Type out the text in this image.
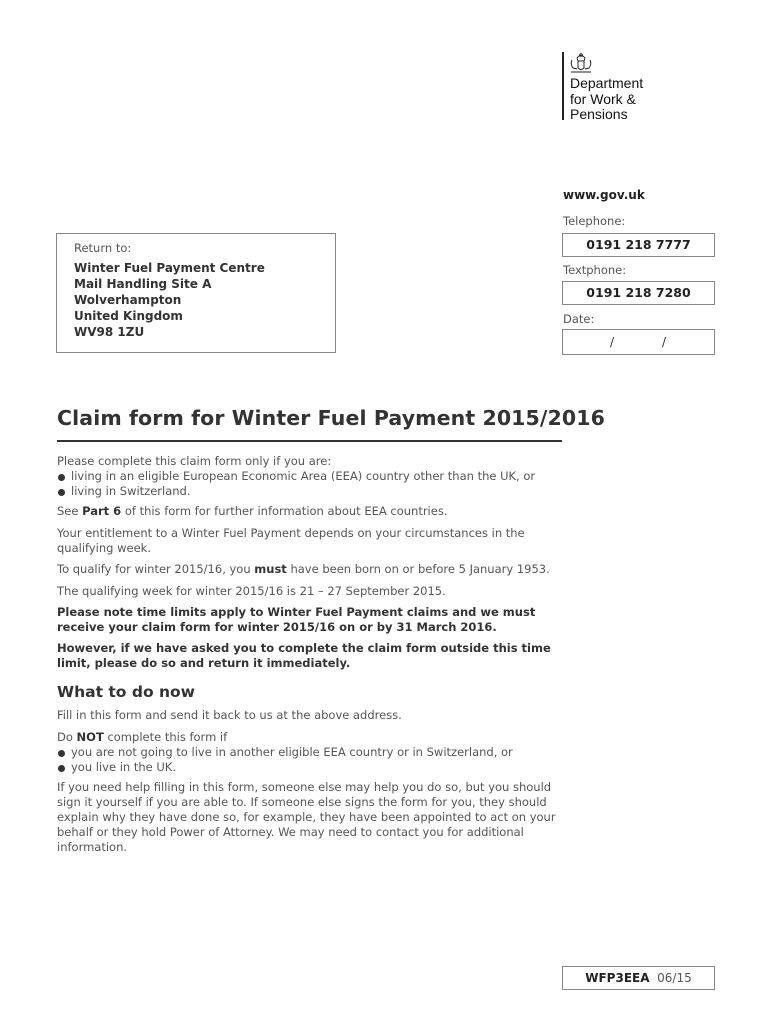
Department
for Work &
Pensions
www.gov.uk
Telephone:
0191 218 7777
Textphone:
0191 218 7280
Date:
/	/
Return to:
Winter Fuel Payment Centre
Mail Handling Site A
Wolverhampton
United Kingdom
WV98 1ZU
Claim form for Winter Fuel Payment 2015/2016
Please complete this claim form only if you are:
living in an eligible European Economic Area (EEA) country other than the UK, or
living in Switzerland.
See Part 6 of this form for further information about EEA countries.
Your entitlement to a Winter Fuel Payment depends on your circumstances in the qualifying week.
To qualify for winter 2015/16, you must have been born on or before 5 January 1953.
The qualifying week for winter 2015/16 is 21 – 27 September 2015.
Please note time limits apply to Winter Fuel Payment claims and we must receive your claim form for winter 2015/16 on or by 31 March 2016.
However, if we have asked you to complete the claim form outside this time limit, please do so and return it immediately.
What to do now
Fill in this form and send it back to us at the above address.
Do NOT complete this form if
you are not going to live in another eligible EEA country or in Switzerland, or
you live in the UK.
If you need help filling in this form, someone else may help you do so, but you should sign it yourself if you are able to. If someone else signs the form for you, they should explain why they have done so, for example, they have been appointed to act on your behalf or they hold Power of Attorney. We may need to contact you for additional information.
WFP3EEA 06/15
